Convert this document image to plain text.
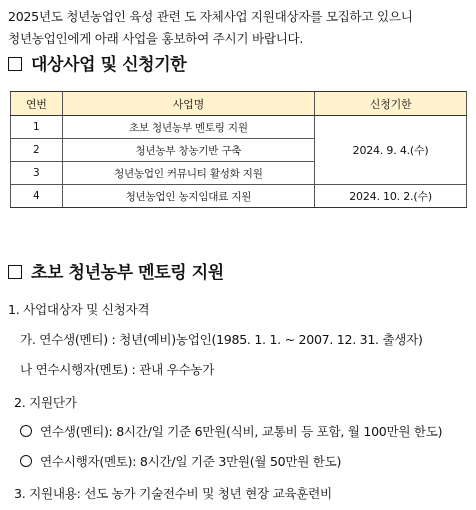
2025년도 청년농업인 육성 관련 도 자체사업 지원대상자를 모집하고 있으니
청년농업인에게 아래 사업을 홍보하여 주시기 바랍니다.
대상사업 및 신청기한
연번	사업명	신청기한
1	초보 청년농부 멘토링 지원	2024. 9. 4.(수)
2	청년농부 창농기반 구축	
3	청년농업인 커뮤니티 활성화 지원	
4	청년농업인 농지임대료 지원	2024. 10. 2.(수)
초보 청년농부 멘토링 지원
1. 사업대상자 및 신청자격
가. 연수생(멘티) : 청년(예비)농업인(1985. 1. 1. ~ 2007. 12. 31. 출생자)
나 연수시행자(멘토) : 관내 우수농가
2. 지원단가
연수생(멘티): 8시간/일 기준 6만원(식비, 교통비 등 포함, 월 100만원 한도)
연수시행자(멘토): 8시간/일 기준 3만원(월 50만원 한도)
3. 지원내용: 선도 농가 기술전수비 및 청년 현장 교육훈련비
